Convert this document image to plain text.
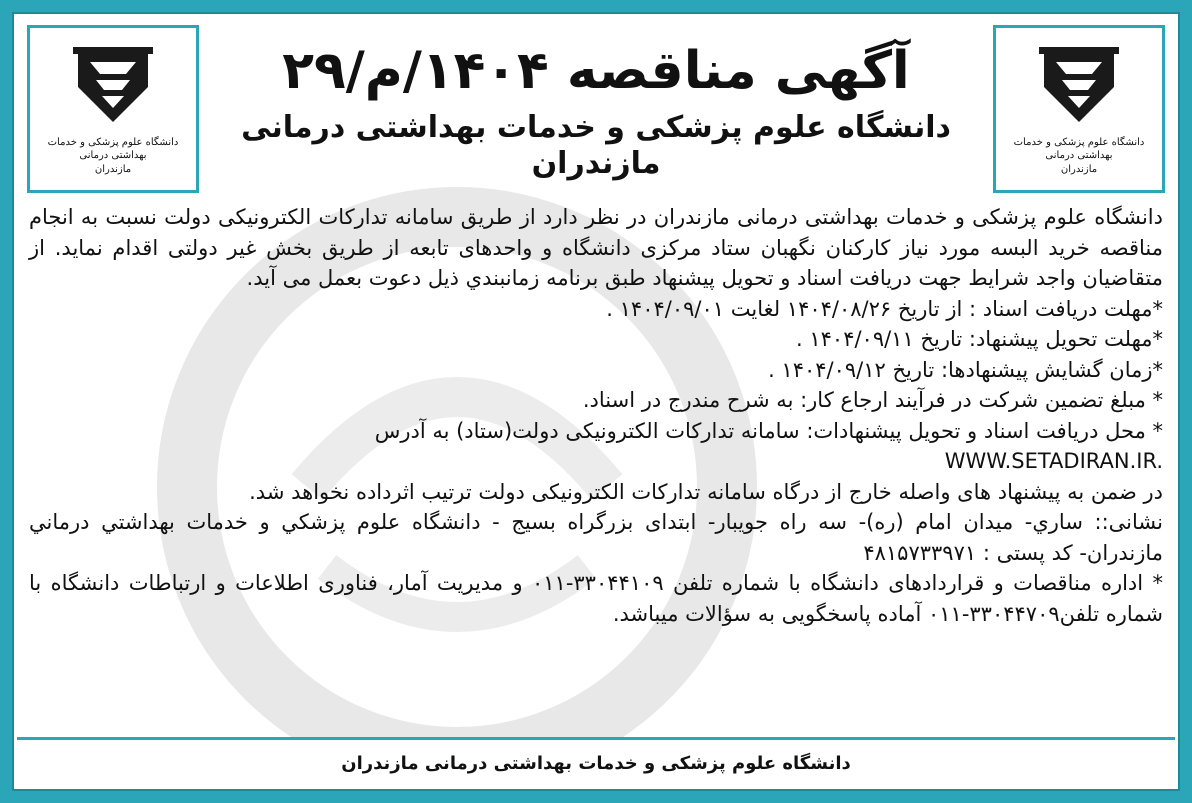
دانشگاه علوم پزشکی و خدمات بهداشتی درمانی
مازندران
دانشگاه علوم پزشکی و خدمات بهداشتی درمانی
مازندران
آگهی مناقصه ۱۴۰۴/م/۲۹
دانشگاه علوم پزشکی و خدمات بهداشتی درمانی مازندران

دانشگاه علوم پزشکی و خدمات بهداشتی درمانی مازندران در نظر دارد از طریق سامانه تدارکات الکترونیکی دولت نسبت به انجام مناقصه خرید البسه مورد نیاز کارکنان نگهبان ستاد مرکزی دانشگاه و واحدهای تابعه از طریق بخش غیر دولتی اقدام نماید. از متقاضیان واجد شرایط جهت دریافت اسناد و تحویل پیشنهاد طبق برنامه زمانبندي ذیل دعوت بعمل می آید.

*مهلت دریافت اسناد : از تاریخ ۱۴۰۴/۰۸/۲۶ لغایت ۱۴۰۴/۰۹/۰۱ .

*مهلت تحویل پیشنهاد: تاریخ ۱۴۰۴/۰۹/۱۱ .

*زمان گشایش پیشنهادها: تاریخ ۱۴۰۴/۰۹/۱۲ .

* مبلغ تضمین شرکت در فرآیند ارجاع کار: به شرح مندرج در اسناد.

* محل دریافت اسناد و تحویل پیشنهادات: سامانه تدارکات الکترونیکی دولت(ستاد) به آدرس

WWW.SETADIRAN.IR.

در ضمن به پیشنهاد های واصله خارج از درگاه سامانه تدارکات الکترونیکی دولت ترتیب اثرداده نخواهد شد.

نشانی:: ساري- میدان امام (ره)- سه راه جویبار- ابتدای بزرگراه بسیج - دانشگاه علوم پزشكي و خدمات بهداشتي درماني مازندران- کد پستی : ۴۸۱۵۷۳۳۹۷۱

* اداره مناقصات و قراردادهای دانشگاه با شماره تلفن ۳۳۰۴۴۱۰۹-۰۱۱ و مدیریت آمار، فناوری اطلاعات و ارتباطات دانشگاه با شماره تلفن۳۳۰۴۴۷۰۹-۰۱۱ آماده پاسخگویی به سؤالات میباشد.

دانشگاه علوم پزشکی و خدمات بهداشتی درمانی مازندران
